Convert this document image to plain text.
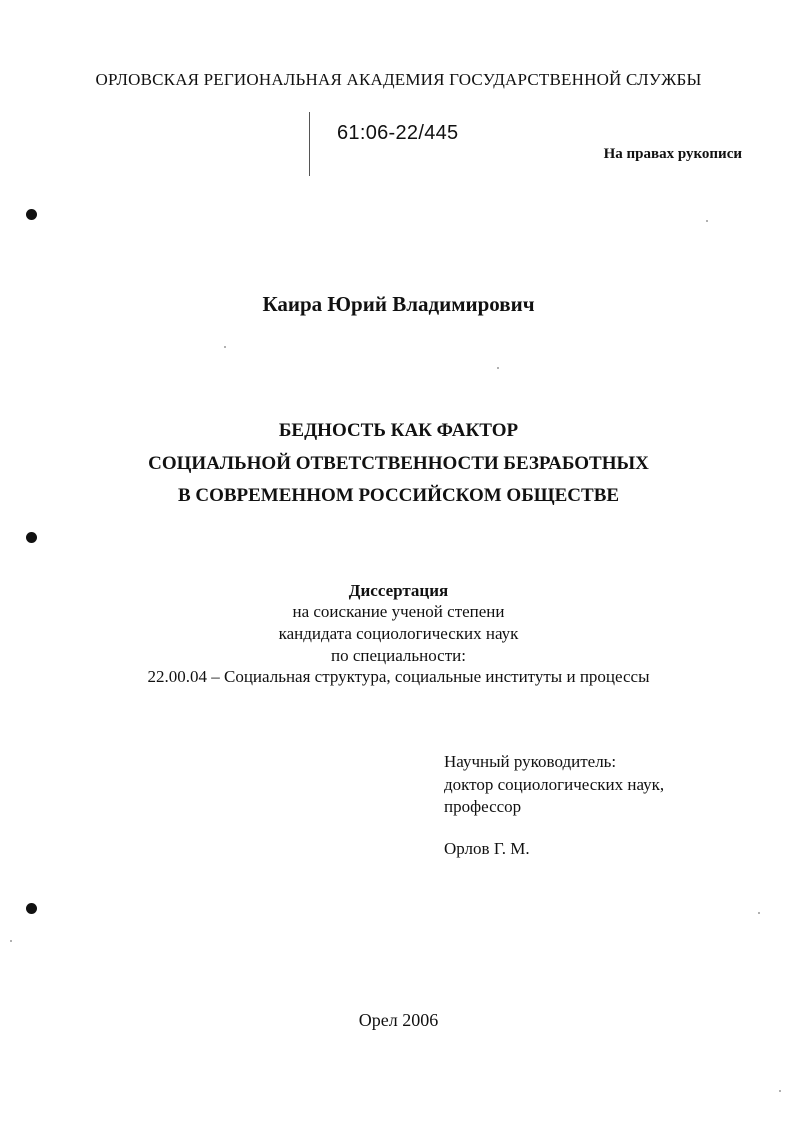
ОРЛОВСКАЯ РЕГИОНАЛЬНАЯ АКАДЕМИЯ ГОСУДАРСТВЕННОЙ СЛУЖБЫ
61:06-22/445
На правах рукописи
Каира Юрий Владимирович
БЕДНОСТЬ КАК ФАКТОР
СОЦИАЛЬНОЙ ОТВЕТСТВЕННОСТИ БЕЗРАБОТНЫХ
В СОВРЕМЕННОМ РОССИЙСКОМ ОБЩЕСТВЕ
Диссертация
на соискание ученой степени
кандидата социологических наук
по специальности:
22.00.04 – Социальная структура, социальные институты и процессы
Научный руководитель:
доктор социологических наук,
профессор
Орлов Г. М.
Орел 2006
